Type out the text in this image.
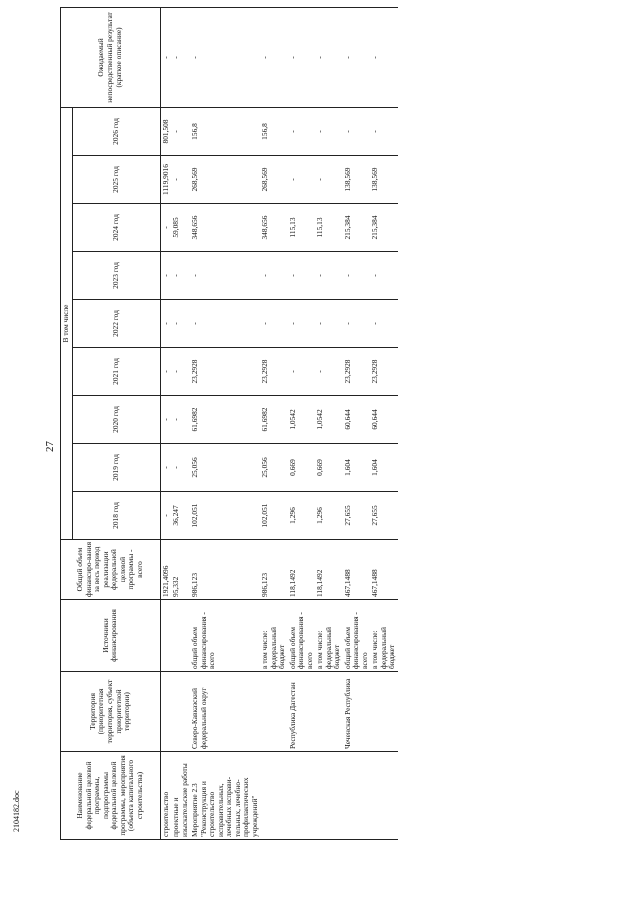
27
2104182.doc	Наименование федеральной целевой программы, подпрограммы федеральной целевой программы, мероприятия (объекта капитального строительства)	Территория (приоритетная территория, субъект приоритетной территории)	Источники финансирования	Общий объем финансиро-вания за весь период реализации федеральной целевой программы - всего	В том числе									Ожидаемый непосредственный результат (краткое описание)
				2018 год	2019 год	2020 год	2021 год	2022 год	2023 год	2024 год	2025 год	2026 год	
строительство			1921,4096	-	-	-	-	-	-	-	1119,9016	801,508	-
проектные и изыскательские работы			95,332	36,247	-	-	-	-	-	59,085	-	-	-
Мероприятие 2.3 "Реконструкция и строительство исправительных, лечебных исправи-тельных, лечебно-профилактических учреждений"	Северо-Кавказский федеральный округ	общий объем финансирования - всего	986,123	102,051	25,056	61,6982	23,2928	-	-	348,656	268,569	156,8	-
		в том числе: федеральный бюджет	986,123	102,051	25,056	61,6982	23,2928	-	-	348,656	268,569	156,8	-
	Республика Дагестан	общий объем финансирования - всего	118,1492	1,296	0,669	1,0542	-	-	-	115,13	-	-	-
		в том числе: федеральный бюджет	118,1492	1,296	0,669	1,0542	-	-	-	115,13	-	-	-
	Чеченская Республика	общий объем финансирования - всего	467,1488	27,655	1,604	60,644	23,2928	-	-	215,384	138,569	-	-
		в том числе: федеральный бюджет	467,1488	27,655	1,604	60,644	23,2928	-	-	215,384	138,569	-	-
